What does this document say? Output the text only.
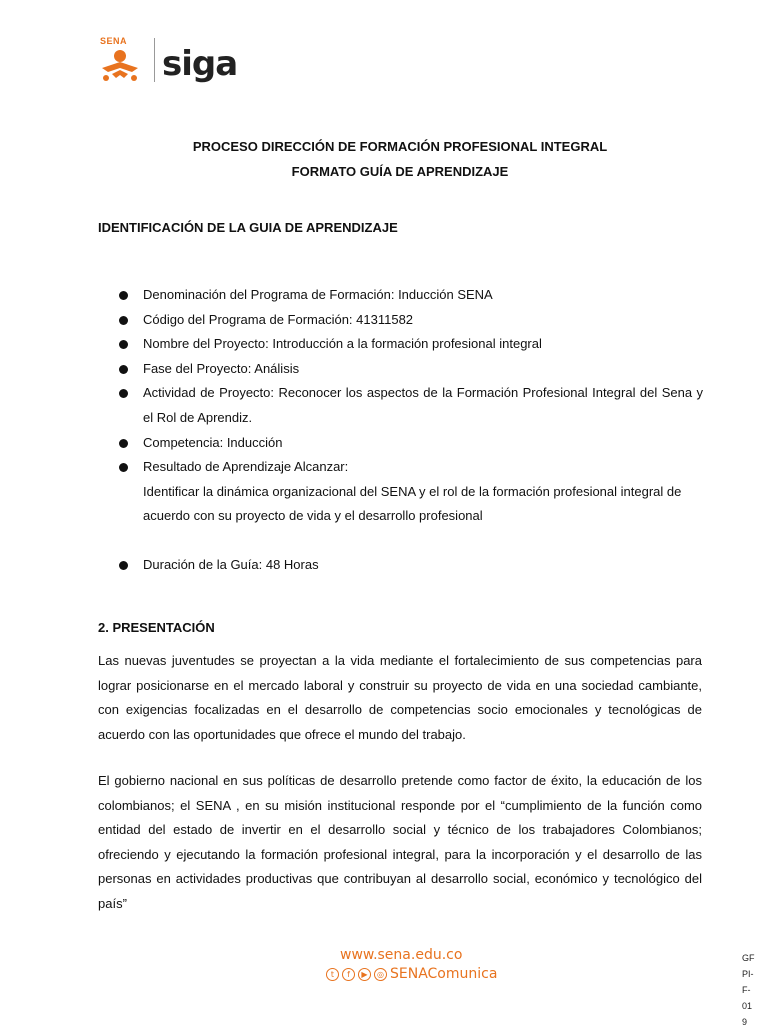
SENA
siga
PROCESO DIRECCIÓN DE FORMACIÓN PROFESIONAL INTEGRAL
FORMATO GUÍA DE APRENDIZAJE
IDENTIFICACIÓN DE LA GUIA DE APRENDIZAJE
Denominación del Programa de Formación: Inducción SENA
Código del Programa de Formación: 41311582
Nombre del Proyecto: Introducción a la formación profesional integral
Fase del Proyecto: Análisis
Actividad de Proyecto: Reconocer los aspectos de la Formación Profesional Integral del Sena y el Rol de Aprendiz.
Competencia: Inducción
Resultado de Aprendizaje Alcanzar:
Identificar la dinámica organizacional del SENA y el rol de la formación profesional integral de acuerdo con su proyecto de vida y el desarrollo profesional
Duración de la Guía: 48 Horas
2. PRESENTACIÓN

Las nuevas juventudes se proyectan a la vida mediante el fortalecimiento de sus competencias para lograr posicionarse en el mercado laboral y construir su proyecto de vida en una sociedad cambiante, con exigencias focalizadas en el desarrollo de competencias socio emocionales y tecnológicas de acuerdo con las oportunidades que ofrece el mundo del trabajo.

El gobierno nacional en sus políticas de desarrollo pretende como factor de éxito, la educación de los colombianos; el SENA , en su misión institucional responde por el “cumplimiento de la función como entidad del estado de invertir en el desarrollo social y técnico de los trabajadores Colombianos; ofreciendo y ejecutando la formación profesional integral, para la incorporación y el desarrollo de las personas en actividades productivas que contribuyan al desarrollo social, económico y tecnológico del país”

www.sena.edu.co
t	f	▶	◎ SENAComunica
GF
PI-
F-
01
9
